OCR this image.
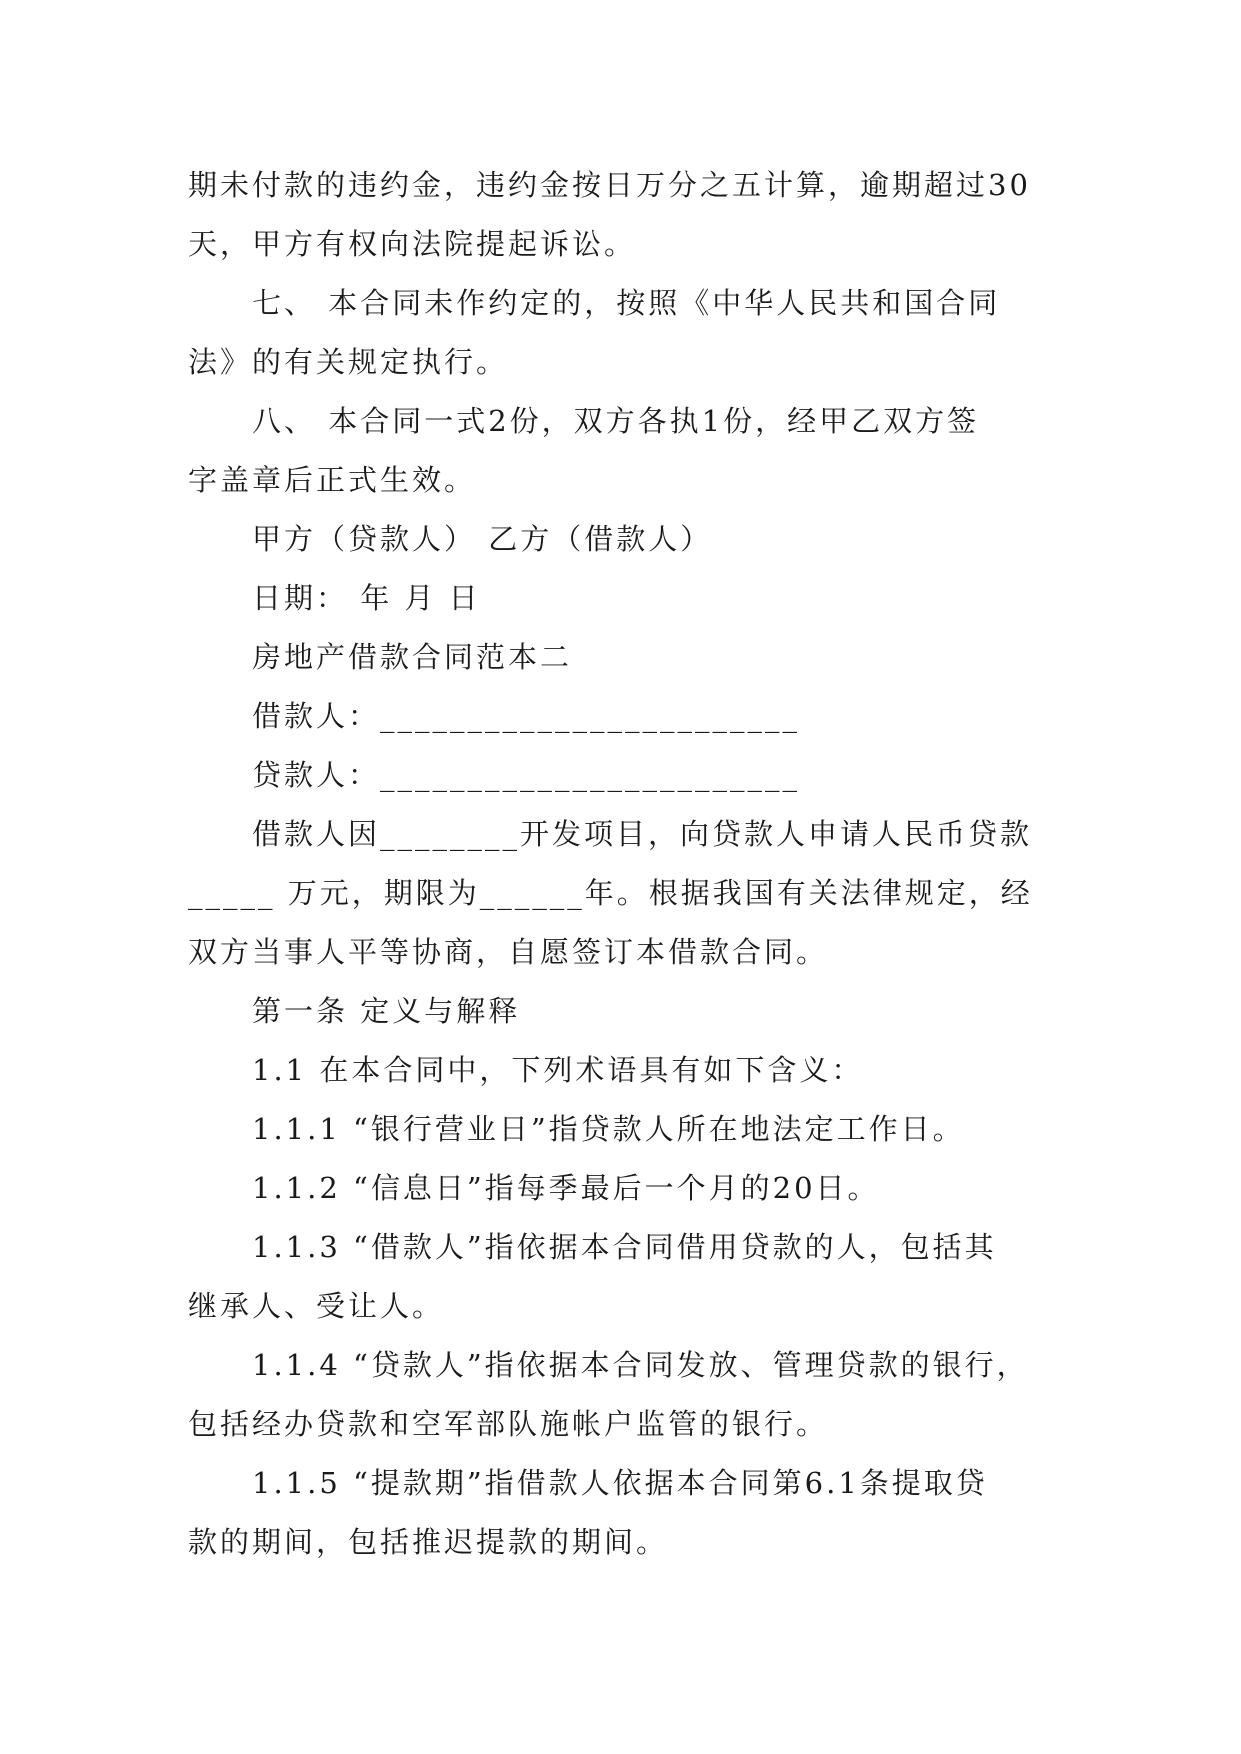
期未付款的违约金，违约金按日万分之五计算，逾期超过30
天，甲方有权向法院提起诉讼。
七、 本合同未作约定的，按照《中华人民共和国合同
法》的有关规定执行。
八、 本合同一式2份，双方各执1份，经甲乙双方签
字盖章后正式生效。
甲方（贷款人） 乙方（借款人）
日期： 年 月 日
房地产借款合同范本二
借款人：________________________
贷款人：________________________
借款人因________开发项目，向贷款人申请人民币贷款
_____ 万元，期限为______年。根据我国有关法律规定，经
双方当事人平等协商，自愿签订本借款合同。
第一条 定义与解释
1.1 在本合同中，下列术语具有如下含义：
1.1.1 “银行营业日”指贷款人所在地法定工作日。
1.1.2 “信息日”指每季最后一个月的20日。
1.1.3 “借款人”指依据本合同借用贷款的人，包括其
继承人、受让人。
1.1.4 “贷款人”指依据本合同发放、管理贷款的银行，
包括经办贷款和空军部队施帐户监管的银行。
1.1.5 “提款期”指借款人依据本合同第6.1条提取贷
款的期间，包括推迟提款的期间。
